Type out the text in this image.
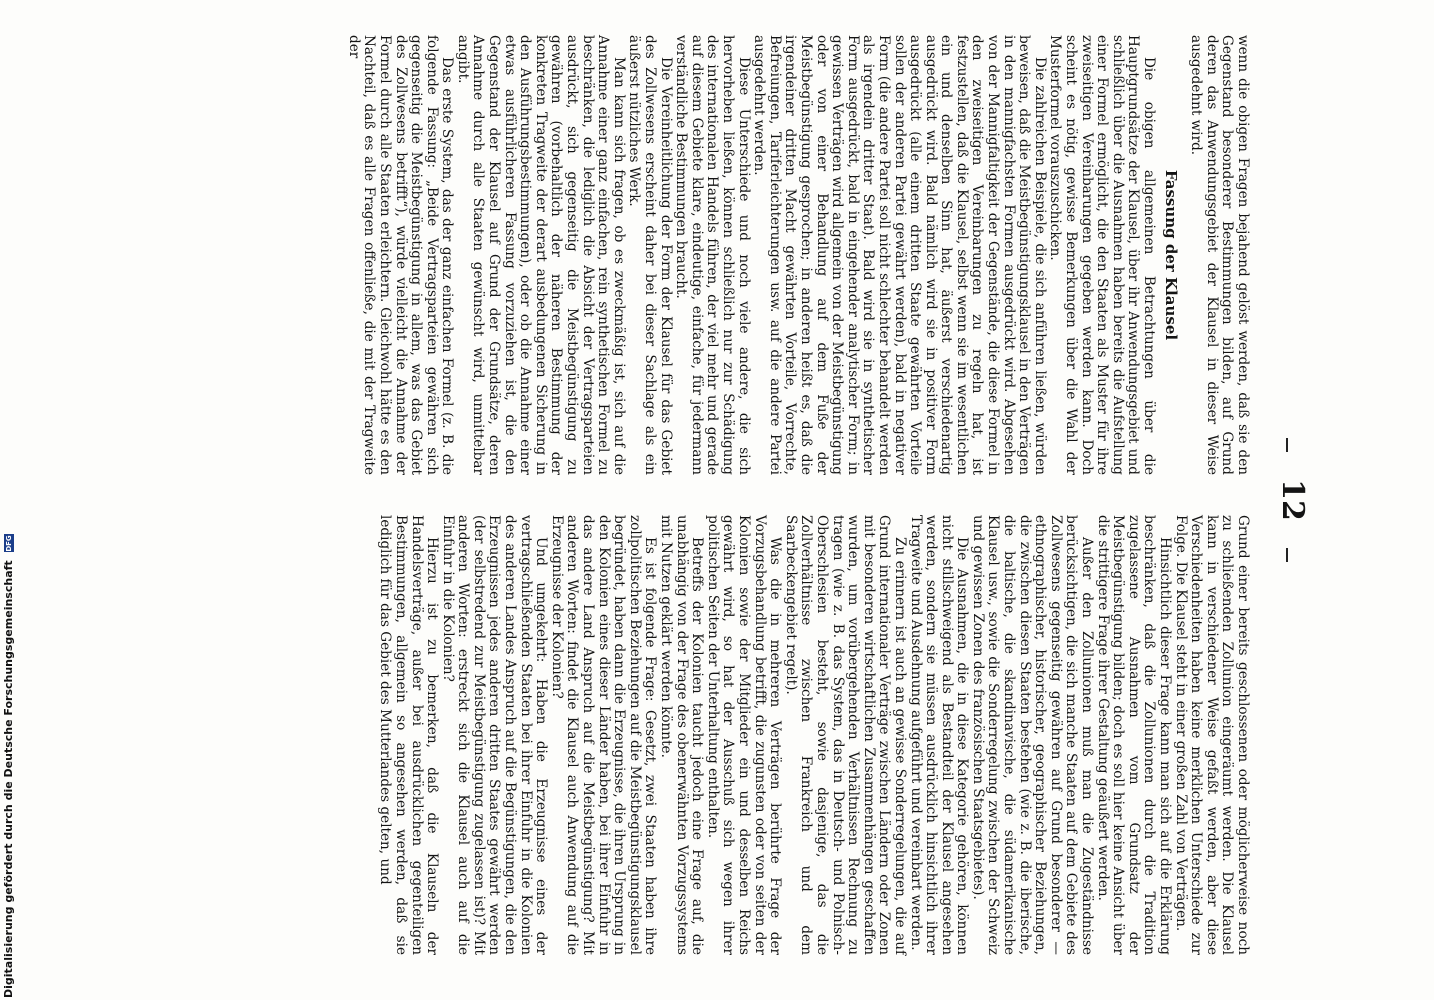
12

wenn die obigen Fragen bejahend gelöst werden, daß sie den Gegenstand besonderer Bestimmungen bilden, auf Grund deren das Anwendungsgebiet der Klausel in dieser Weise ausgedehnt wird.

Fassung der Klausel

Die obigen allgemeinen Betrachtungen über die Hauptgrundsätze der Klausel, über ihr Anwendungsgebiet und schließlich über die Ausnahmen haben bereits die Aufstellung einer Formel ermöglicht, die den Staaten als Muster für ihre zweiseitigen Vereinbarungen gegeben werden kann. Doch scheint es nötig, gewisse Bemerkungen über die Wahl der Musterformel vorauszuschicken.

Die zahlreichen Beispiele, die sich anführen ließen, würden beweisen, daß die Meistbegünstigungsklausel in den Verträgen in den mannigfachsten Formen ausgedrückt wird. Abgesehen von der Mannigfaltigkeit der Gegenstände, die diese Formel in den zweiseitigen Vereinbarungen zu regeln hat, ist festzustellen, daß die Klausel, selbst wenn sie im wesentlichen ein und denselben Sinn hat, äußerst verschiedenartig ausgedrückt wird. Bald nämlich wird sie in positiver Form ausgedrückt (alle einem dritten Staate gewährten Vorteile sollen der anderen Partei gewährt werden), bald in negativer Form (die andere Partei soll nicht schlechter behandelt werden als irgendein dritter Staat). Bald wird sie in synthetischer Form ausgedrückt, bald in eingehender analytischer Form; in gewissen Verträgen wird allgemein von der Meistbegünstigung oder von einer Behandlung auf dem Fuße der Meistbegünstigung gesprochen; in anderen heißt es, daß die irgendeiner dritten Macht gewährten Vorteile, Vorrechte, Befreiungen, Tariferleichterungen usw. auf die andere Partei ausgedehnt werden.

Diese Unterschiede und noch viele andere, die sich hervorheben ließen, können schließlich nur zur Schädigung des internationalen Handels führen, der viel mehr und gerade auf diesem Gebiete klare, eindeutige, einfache, für jedermann verständliche Bestimmungen braucht.

Die Vereinheitlichung der Form der Klausel für das Gebiet des Zollwesens erscheint daher bei dieser Sachlage als ein äußerst nützliches Werk.

Man kann sich fragen, ob es zweckmäßig ist, sich auf die Annahme einer ganz einfachen, rein synthetischen Formel zu beschränken, die lediglich die Absicht der Vertragsparteien ausdrückt, sich gegenseitig die Meistbegünstigung zu gewähren (vorbehaltlich der näheren Bestimmung der konkreten Tragweite der derart ausbedungenen Sicherung in den Ausführungsbestimmungen), oder ob die Annahme einer etwas ausführlicheren Fassung vorzuziehen ist, die den Gegenstand der Klausel auf Grund der Grundsätze, deren Annahme durch alle Staaten gewünscht wird, unmittelbar angibt.

Das erste System, das der ganz einfachen Formel (z. B. die folgende Fassung: „Beide Vertragsparteien gewähren sich gegenseitig die Meistbegünstigung in allem, was das Gebiet des Zollwesens betrifft“), würde vielleicht die Annahme der Formel durch alle Staaten erleichtern. Gleichwohl hätte es den Nachteil, daß es alle Fragen offenließe, die mit der Tragweite der

Grund einer bereits geschlossenen oder möglicherweise noch zu schließenden Zollunion eingeräumt werden. Die Klausel kann in verschiedener Weise gefaßt werden, aber diese Verschiedenheiten haben keine merklichen Unterschiede zur Folge. Die Klausel steht in einer großen Zahl von Verträgen.

Hinsichtlich dieser Frage kann man sich auf die Erklärung beschränken, daß die Zollunionen durch die Tradition zugelassene Ausnahmen vom Grundsatz der Meistbegünstigung bilden; doch es soll hier keine Ansicht über die strittigere Frage ihrer Gestaltung geäußert werden.

Außer den Zollunionen muß man die Zugeständnisse berücksichtigen, die sich manche Staaten auf dem Gebiete des Zollwesens gegenseitig gewähren auf Grund besonderer — ethnographischer, historischer, geographischer Beziehungen, die zwischen diesen Staaten bestehen (wie z. B. die iberische, die baltische, die skandinavische, die südamerikanische Klausel usw., sowie die Sonderregelung zwischen der Schweiz und gewissen Zonen des französischen Staatsgebietes).

Die Ausnahmen, die in diese Kategorie gehören, können nicht stillschweigend als Bestandteil der Klausel angesehen werden, sondern sie müssen ausdrücklich hinsichtlich ihrer Tragweite und Ausdehnung aufgeführt und vereinbart werden.

Zu erinnern ist auch an gewisse Sonderregelungen, die auf Grund internationaler Verträge zwischen Ländern oder Zonen mit besonderen wirtschaftlichen Zusammenhängen geschaffen wurden, um vorübergehenden Verhältnissen Rechnung zu tragen (wie z. B. das System, das in Deutsch- und Polnisch-Oberschlesien besteht, sowie dasjenige, das die Zollverhältnisse zwischen Frankreich und dem Saarbeckengebiet regelt).

Was die in mehreren Verträgen berührte Frage der Vorzugsbehandlung betrifft, die zugunsten oder von seiten der Kolonien sowie der Mitglieder ein und desselben Reichs gewährt wird, so hat der Ausschuß sich wegen ihrer politischen Seiten der Unterhaltung enthalten.

Betreffs der Kolonien taucht jedoch eine Frage auf, die unabhängig von der Frage des obenerwähnten Vorzugssystems mit Nutzen geklärt werden könnte.

Es ist folgende Frage: Gesetzt, zwei Staaten haben ihre zollpolitischen Beziehungen auf die Meistbegünstigungsklausel begründet, haben dann die Erzeugnisse, die ihren Ursprung in den Kolonien eines dieser Länder haben, bei ihrer Einfuhr in das andere Land Anspruch auf die Meistbegünstigung? Mit anderen Worten: findet die Klausel auch Anwendung auf die Erzeugnisse der Kolonien?

Und umgekehrt: Haben die Erzeugnisse eines der vertragschließenden Staaten bei ihrer Einfuhr in die Kolonien des anderen Landes Anspruch auf die Begünstigungen, die den Erzeugnissen jedes anderen dritten Staates gewährt werden (der selbstredend zur Meistbegünstigung zugelassen ist)? Mit anderen Worten: erstreckt sich die Klausel auch auf die Einfuhr in die Kolonien?

Hierzu ist zu bemerken, daß die Klauseln der Handelsverträge, außer bei ausdrücklichen gegenteiligen Bestimmungen, allgemein so angesehen werden, daß sie lediglich für das Gebiet des Mutterlandes gelten, und

Digitalisierung gefördert durch die Deutsche Forschungsgemeinschaft DFG
